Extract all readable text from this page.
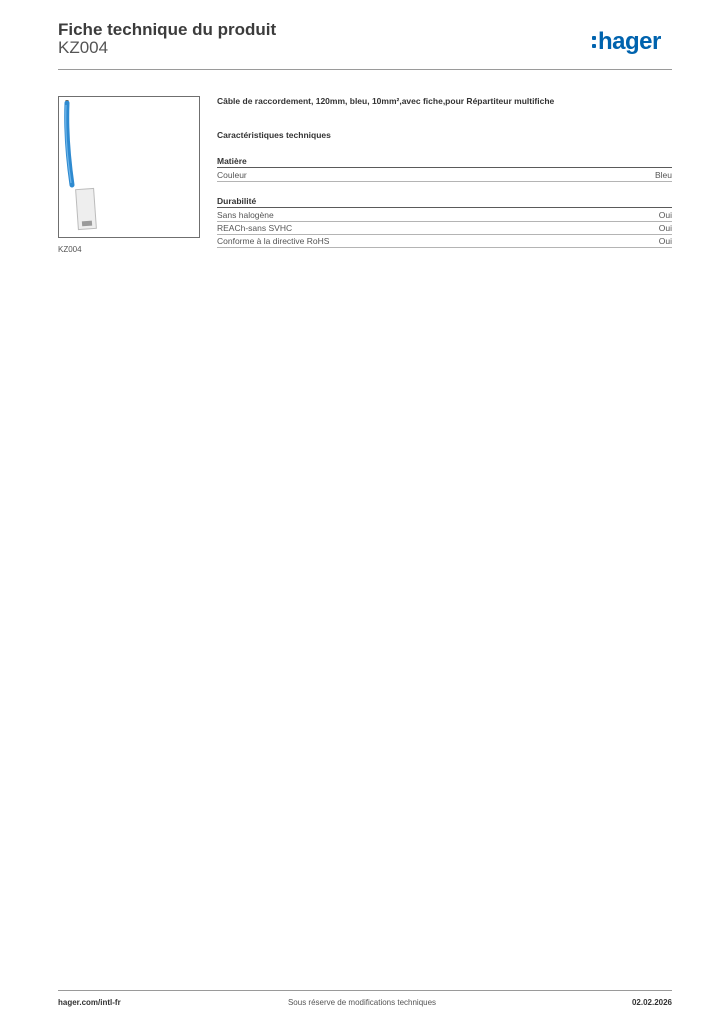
Fiche technique du produit
KZ004	hager
KZ004
Câble de raccordement, 120mm, bleu, 10mm²,avec fiche,pour Répartiteur multifiche
Caractéristiques techniques
Matière
Couleur	Bleu
Durabilité
Sans halogène	Oui
REACh-sans SVHC	Oui
Conforme à la directive RoHS	Oui
hager.com/intl-fr	Sous réserve de modifications techniques	02.02.2026
